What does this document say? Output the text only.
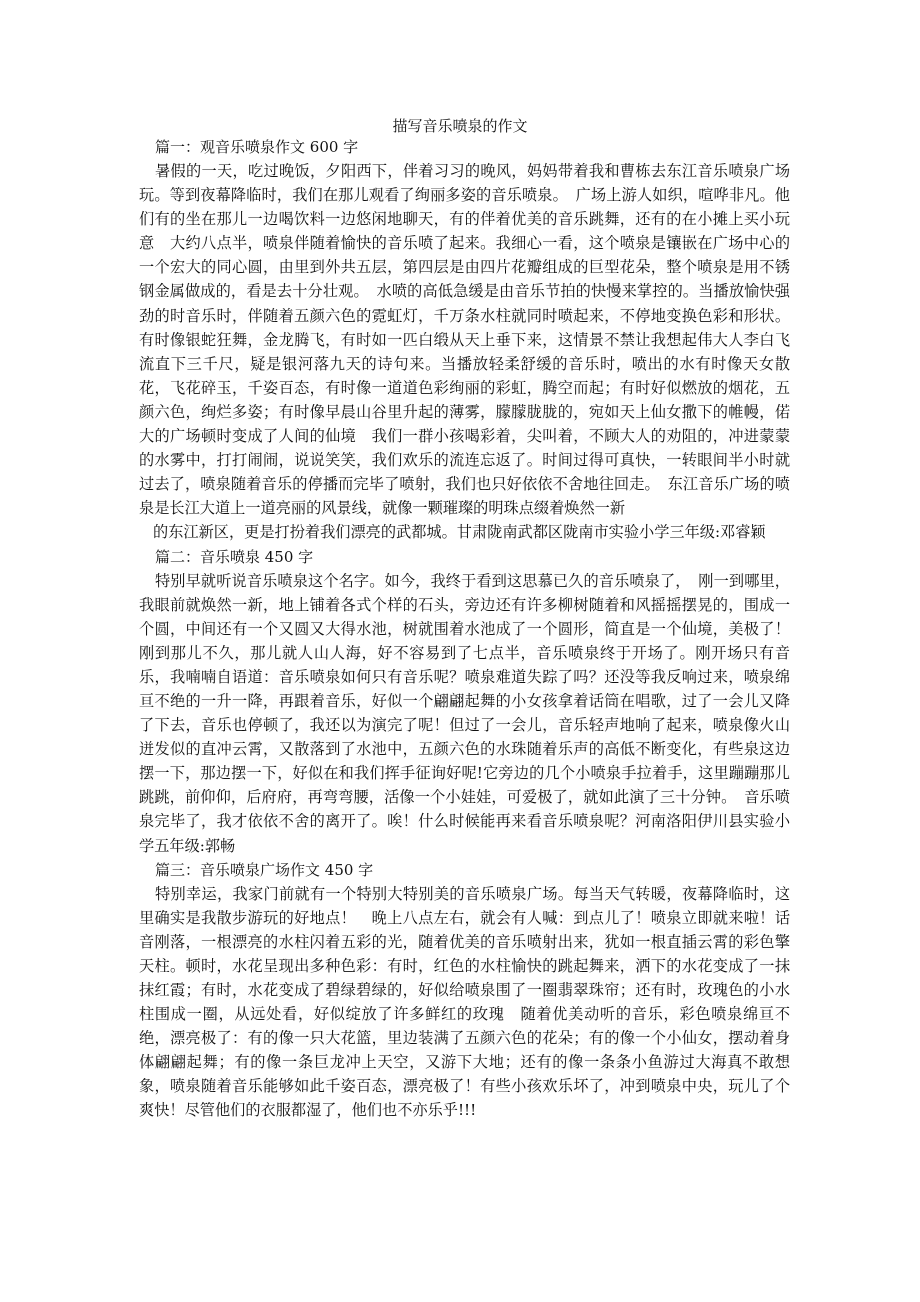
描写音乐喷泉的作文

篇一：观音乐喷泉作文 600 字

暑假的一天，吃过晚饭，夕阳西下，伴着习习的晚风，妈妈带着我和曹栋去东江音乐喷泉广场玩。等到夜幕降临时，我们在那儿观看了绚丽多姿的音乐喷泉。　广场上游人如织，喧哗非凡。他们有的坐在那儿一边喝饮料一边悠闲地聊天，有的伴着优美的音乐跳舞，还有的在小摊上买小玩意　大约八点半，喷泉伴随着愉快的音乐喷了起来。我细心一看，这个喷泉是镶嵌在广场中心的一个宏大的同心圆，由里到外共五层，第四层是由四片花瓣组成的巨型花朵，整个喷泉是用不锈钢金属做成的，看是去十分壮观。　水喷的高低急缓是由音乐节拍的快慢来掌控的。当播放愉快强劲的时音乐时，伴随着五颜六色的霓虹灯，千万条水柱就同时喷起来，不停地变换色彩和形状。有时像银蛇狂舞，金龙腾飞，有时如一匹白缎从天上垂下来，这情景不禁让我想起伟大人李白飞流直下三千尺，疑是银河落九天的诗句来。当播放轻柔舒缓的音乐时，喷出的水有时像天女散花，飞花碎玉，千姿百态，有时像一道道色彩绚丽的彩虹，腾空而起；有时好似燃放的烟花，五颜六色，绚烂多姿；有时像早晨山谷里升起的薄雾，朦朦胧胧的，宛如天上仙女撒下的帷幔，偌大的广场顿时变成了人间的仙境　我们一群小孩喝彩着，尖叫着，不顾大人的劝阻的，冲进蒙蒙的水雾中，打打闹闹，说说笑笑，我们欢乐的流连忘返了。时间过得可真快，一转眼间半小时就过去了，喷泉随着音乐的停播而完毕了喷射，我们也只好依依不舍地往回走。　东江音乐广场的喷泉是长江大道上一道亮丽的风景线，就像一颗璀璨的明珠点缀着焕然一新

的东江新区，更是打扮着我们漂亮的武都城。甘肃陇南武都区陇南市实验小学三年级:邓睿颖

篇二：音乐喷泉 450 字

特别早就听说音乐喷泉这个名字。如今，我终于看到这思慕已久的音乐喷泉了，　刚一到哪里，我眼前就焕然一新，地上铺着各式个样的石头，旁边还有许多柳树随着和风摇摇摆晃的，围成一个圆，中间还有一个又圆又大得水池，树就围着水池成了一个圆形，简直是一个仙境，美极了！　刚到那儿不久，那儿就人山人海，好不容易到了七点半，音乐喷泉终于开场了。刚开场只有音乐，我喃喃自语道：音乐喷泉如何只有音乐呢？喷泉难道失踪了吗？还没等我反响过来，喷泉绵亘不绝的一升一降，再跟着音乐，好似一个翩翩起舞的小女孩拿着话筒在唱歌，过了一会儿又降了下去，音乐也停顿了，我还以为演完了呢！但过了一会儿，音乐轻声地响了起来，喷泉像火山迸发似的直冲云霄，又散落到了水池中，五颜六色的水珠随着乐声的高低不断变化，有些泉这边摆一下，那边摆一下，好似在和我们挥手征询好呢!它旁边的几个小喷泉手拉着手，这里蹦蹦那儿跳跳，前仰仰，后府府，再弯弯腰，活像一个小娃娃，可爱极了，就如此演了三十分钟。　音乐喷泉完毕了，我才依依不舍的离开了。唉！什么时候能再来看音乐喷泉呢？河南洛阳伊川县实验小学五年级:郭畅

篇三：音乐喷泉广场作文 450 字

特别幸运，我家门前就有一个特别大特别美的音乐喷泉广场。每当天气转暖，夜幕降临时，这里确实是我散步游玩的好地点！　晚上八点左右，就会有人喊：到点儿了！喷泉立即就来啦！话音刚落，一根漂亮的水柱闪着五彩的光，随着优美的音乐喷射出来，犹如一根直插云霄的彩色擎天柱。顿时，水花呈现出多种色彩：有时，红色的水柱愉快的跳起舞来，洒下的水花变成了一抹抹红霞；有时，水花变成了碧绿碧绿的，好似给喷泉围了一圈翡翠珠帘；还有时，玫瑰色的小水柱围成一圈，从远处看，好似绽放了许多鲜红的玫瑰　随着优美动听的音乐，彩色喷泉绵亘不绝，漂亮极了：有的像一只大花篮，里边装满了五颜六色的花朵；有的像一个小仙女，摆动着身体翩翩起舞；有的像一条巨龙冲上天空，又游下大地；还有的像一条条小鱼游过大海真不敢想象，喷泉随着音乐能够如此千姿百态，漂亮极了！有些小孩欢乐坏了，冲到喷泉中央，玩儿了个爽快！尽管他们的衣服都湿了，他们也不亦乐乎!!!
